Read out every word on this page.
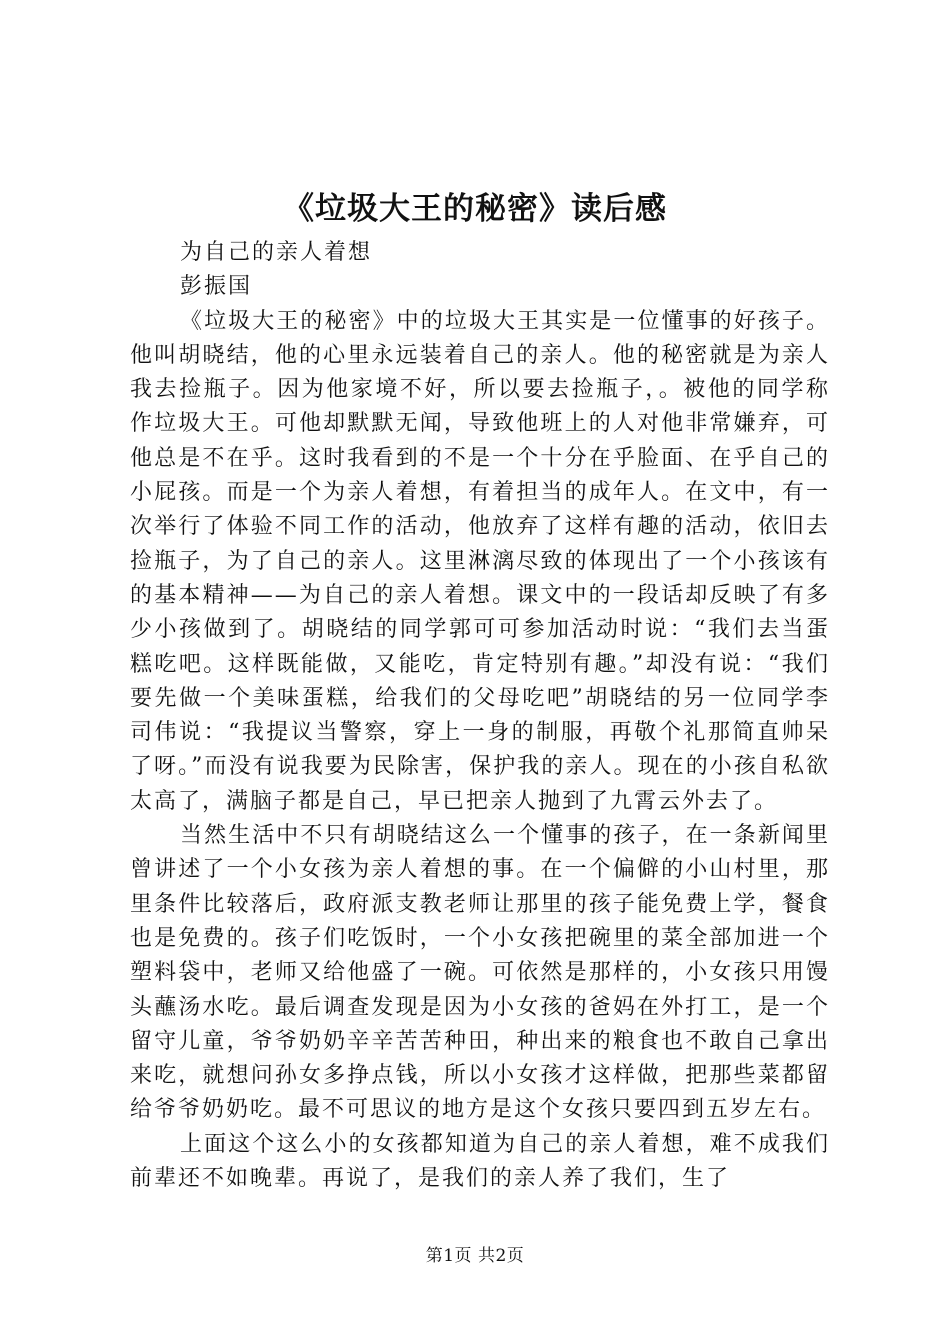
《垃圾大王的秘密》读后感

为自己的亲人着想

彭振国

《垃圾大王的秘密》中的垃圾大王其实是一位懂事的好孩子。他叫胡晓结，他的心里永远装着自己的亲人。他的秘密就是为亲人我去捡瓶子。因为他家境不好，所以要去捡瓶子，。被他的同学称作垃圾大王。可他却默默无闻，导致他班上的人对他非常嫌弃，可他总是不在乎。这时我看到的不是一个十分在乎脸面、在乎自己的小屁孩。而是一个为亲人着想，有着担当的成年人。在文中，有一次举行了体验不同工作的活动，他放弃了这样有趣的活动，依旧去捡瓶子，为了自己的亲人。这里淋漓尽致的体现出了一个小孩该有的基本精神——为自己的亲人着想。课文中的一段话却反映了有多少小孩做到了。胡晓结的同学郭可可参加活动时说：“我们去当蛋糕吃吧。这样既能做，又能吃，肯定特别有趣。”却没有说：“我们要先做一个美味蛋糕，给我们的父母吃吧”胡晓结的另一位同学李司伟说：“我提议当警察，穿上一身的制服，再敬个礼那简直帅呆了呀。”而没有说我要为民除害，保护我的亲人。现在的小孩自私欲太高了，满脑子都是自己，早已把亲人抛到了九霄云外去了。

当然生活中不只有胡晓结这么一个懂事的孩子，在一条新闻里曾讲述了一个小女孩为亲人着想的事。在一个偏僻的小山村里，那里条件比较落后，政府派支教老师让那里的孩子能免费上学，餐食也是免费的。孩子们吃饭时，一个小女孩把碗里的菜全部加进一个塑料袋中，老师又给他盛了一碗。可依然是那样的，小女孩只用馒头蘸汤水吃。最后调查发现是因为小女孩的爸妈在外打工，是一个留守儿童，爷爷奶奶辛辛苦苦种田，种出来的粮食也不敢自己拿出来吃，就想问孙女多挣点钱，所以小女孩才这样做，把那些菜都留给爷爷奶奶吃。最不可思议的地方是这个女孩只要四到五岁左右。

上面这个这么小的女孩都知道为自己的亲人着想，难不成我们前辈还不如晚辈。再说了，是我们的亲人养了我们，生了

第1页 共2页
